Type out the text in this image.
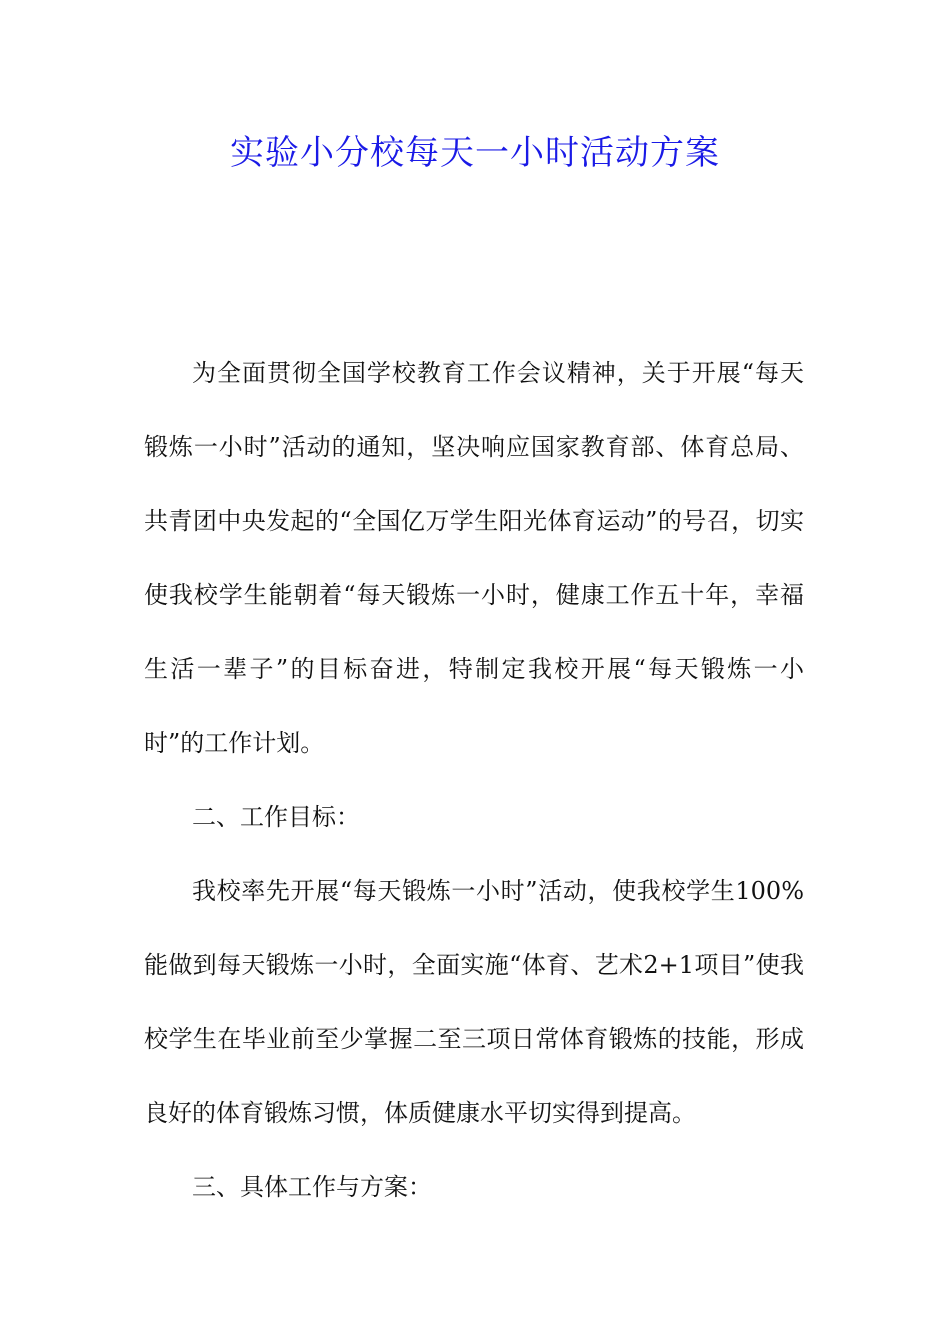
实验小分校每天一小时活动方案

为全面贯彻全国学校教育工作会议精神，关于开展“每天锻炼一小时”活动的通知，坚决响应国家教育部、体育总局、共青团中央发起的“全国亿万学生阳光体育运动”的号召，切实使我校学生能朝着“每天锻炼一小时，健康工作五十年，幸福生活一辈子”的目标奋进，特制定我校开展“每天锻炼一小时”的工作计划。

二、工作目标：

我校率先开展“每天锻炼一小时”活动，使我校学生100%能做到每天锻炼一小时，全面实施“体育、艺术2+1项目”使我校学生在毕业前至少掌握二至三项日常体育锻炼的技能，形成良好的体育锻炼习惯，体质健康水平切实得到提高。

三、具体工作与方案：
